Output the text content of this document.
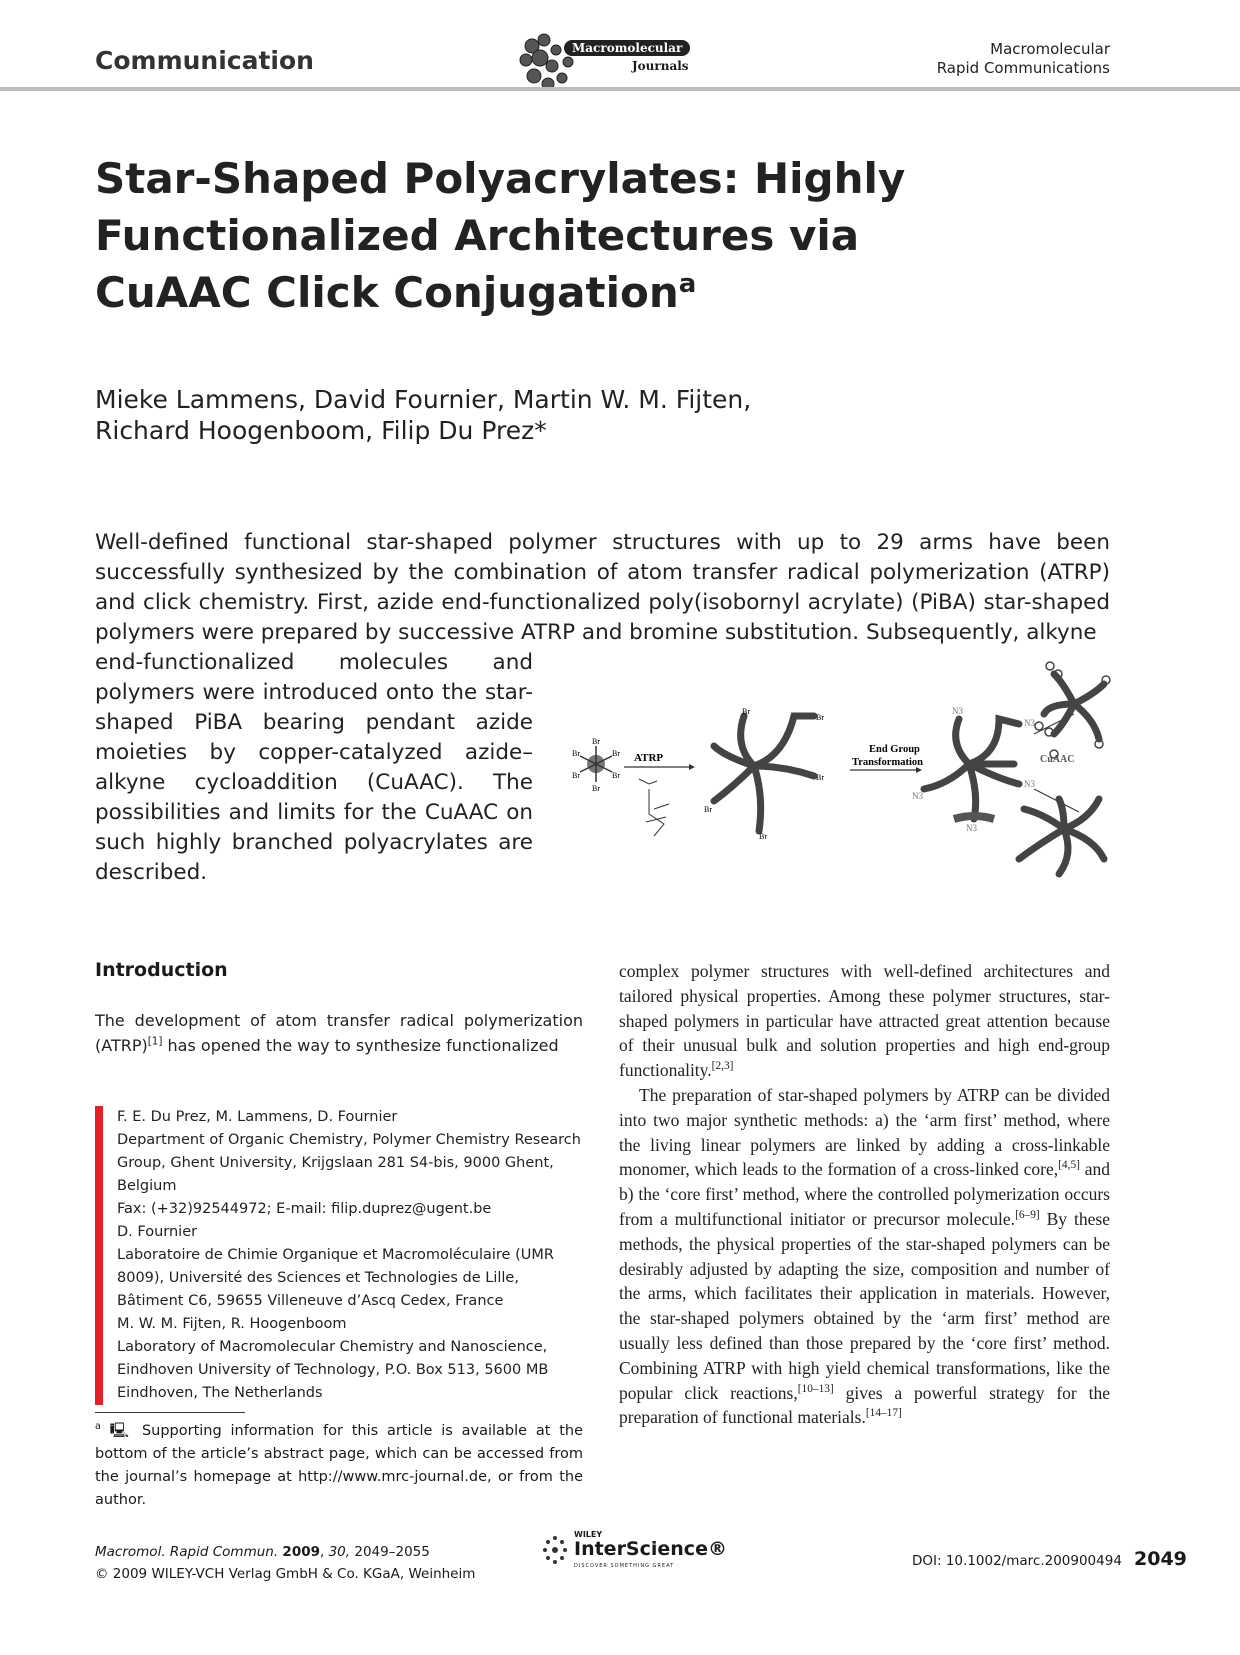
Communication	Macromolecular
Journals
Macromolecular
Rapid Communications
Star-Shaped Polyacrylates: Highly Functionalized Architectures via CuAAC Click Conjugation$^a$
Mieke Lammens, David Fournier, Martin W. M. Fijten,
Richard Hoogenboom, Filip Du Prez*
Well-defined functional star-shaped polymer structures with up to 29 arms have been successfully synthesized by the combination of atom transfer radical polymerization (ATRP) and click chemistry. First, azide end-functionalized poly(isobornyl acrylate) (PiBA) star-shaped polymers were prepared by successive ATRP and bromine substitution. Subsequently, alkyne
end-functionalized molecules and polymers were introduced onto the star-shaped PiBA bearing pendant azide moieties by copper-catalyzed azide–alkyne cycloaddition (CuAAC). The possibilities and limits for the CuAAC on such highly branched polyacrylates are described.
Br
Br	Br
Br	Br
Br
ATRP
Br
Br
Br
Br
Br
End Group
Transformation
N3
N3
N3
N3
N3
CuAAC
Introduction
The development of atom transfer radical polymerization (ATRP)[1] has opened the way to synthesize functionalized

complex polymer structures with well-defined architectures and tailored physical properties. Among these polymer structures, star-shaped polymers in particular have attracted great attention because of their unusual bulk and solution properties and high end-group functionality.[2,3]

The preparation of star-shaped polymers by ATRP can be divided into two major synthetic methods: a) the ‘arm first’ method, where the living linear polymers are linked by adding a cross-linkable monomer, which leads to the formation of a cross-linked core,[4,5] and b) the ‘core first’ method, where the controlled polymerization occurs from a multifunctional initiator or precursor molecule.[6–9] By these methods, the physical properties of the star-shaped polymers can be desirably adjusted by adapting the size, composition and number of the arms, which facilitates their application in materials. However, the star-shaped polymers obtained by the ‘arm first’ method are usually less defined than those prepared by the ‘core first’ method. Combining ATRP with high yield chemical transformations, like the popular click reactions,[10–13] gives a powerful strategy for the preparation of functional materials.[14–17]

F. E. Du Prez, M. Lammens, D. Fournier
Department of Organic Chemistry, Polymer Chemistry Research Group, Ghent University, Krijgslaan 281 S4-bis, 9000 Ghent, Belgium
Fax: (+32)92544972; E-mail: filip.duprez@ugent.be
D. Fournier
Laboratoire de Chimie Organique et Macromoléculaire (UMR 8009), Université des Sciences et Technologies de Lille, Bâtiment C6, 59655 Villeneuve d’Ascq Cedex, France
M. W. M. Fijten, R. Hoogenboom
Laboratory of Macromolecular Chemistry and Nanoscience, Eindhoven University of Technology, P.O. Box 513, 5600 MB Eindhoven, The Netherlands
$^a$ 🖳︎ Supporting information for this article is available at the bottom of the article’s abstract page, which can be accessed from the journal’s homepage at http://www.mrc-journal.de, or from the author.
Macromol. Rapid Commun. 2009, 30, 2049–2055
© 2009 WILEY-VCH Verlag GmbH & Co. KGaA, Weinheim
WILEY
InterScience®
DISCOVER SOMETHING GREAT	DOI: 10.1002/marc.200900494 2049
